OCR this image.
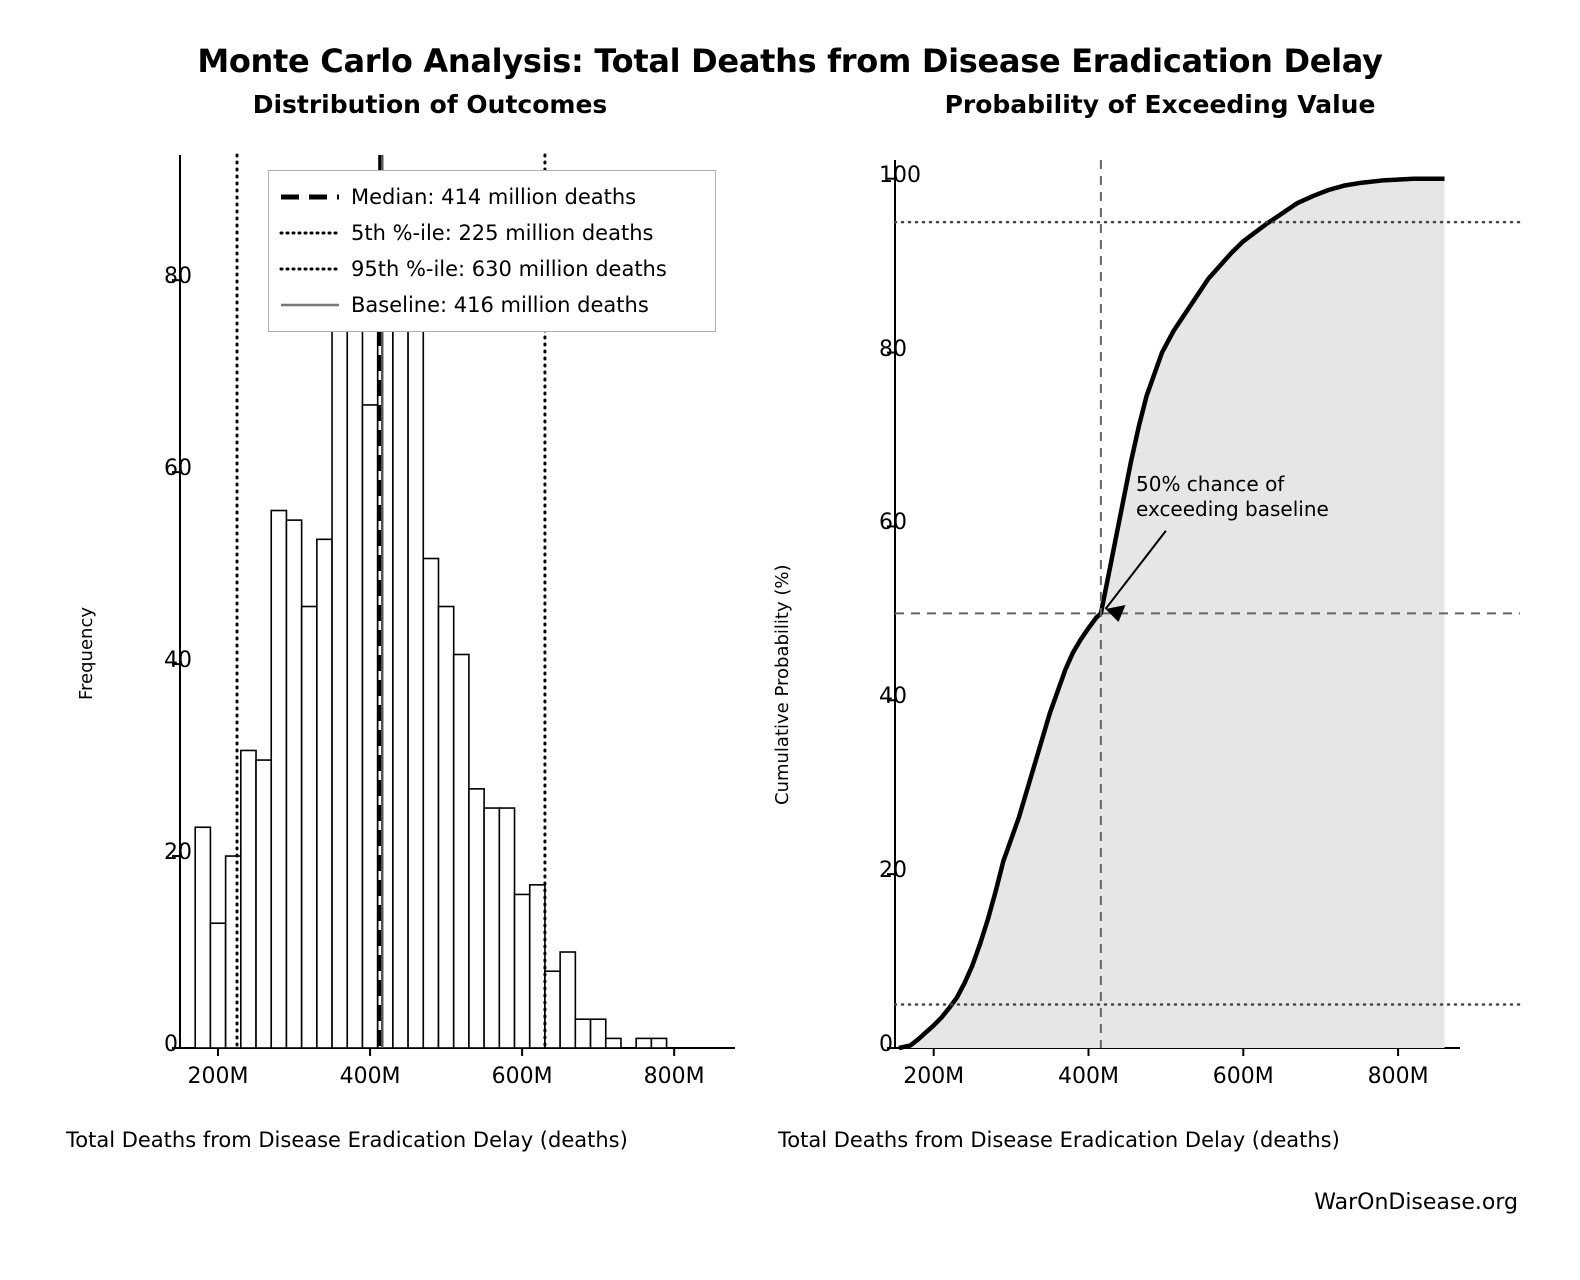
Monte Carlo Analysis: Total Deaths from Disease Eradication Delay
Distribution of Outcomes	Probability of Exceeding Value
Frequency
Total Deaths from Disease Eradication Delay (deaths)
Cumulative Probability (%)
Total Deaths from Disease Eradication Delay (deaths)
50% chance of
exceeding baseline
Median: 414 million deaths
5th %-ile: 225 million deaths
95th %-ile: 630 million deaths
Baseline: 416 million deaths
WarOnDisease.org
0
20
40
60
80
200M	400M	600M	800M
0
20
40
60
80
100
200M	400M	600M	800M
